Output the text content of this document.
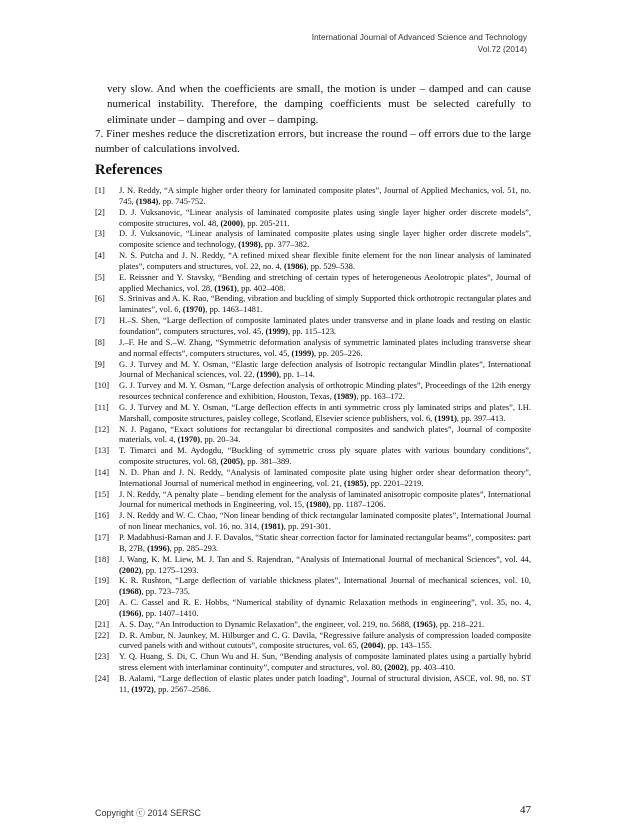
International Journal of Advanced Science and Technology
Vol.72 (2014)

very slow. And when the coefficients are small, the motion is under – damped and can cause numerical instability. Therefore, the damping coefficients must be selected carefully to eliminate under – damping and over – damping.

7. Finer meshes reduce the discretization errors, but increase the round – off errors due to the large number of calculations involved.

References
[1]	J. N. Reddy, “A simple higher order theory for laminated composite plates”, Journal of Applied Mechanics, vol. 51, no. 745, (1984), pp. 745-752.
[2]	D. J. Vuksanovic, “Linear analysis of laminated composite plates using single layer higher order discrete models”, composite structures, vol. 48, (2000), pp. 205-211.
[3]	D. J. Vuksanovic, “Linear analysis of laminated composite plates using single layer higher order discrete models”, composite science and technology, (1998), pp. 377–382.
[4]	N. S. Putcha and J. N. Reddy, “A refined mixed shear flexible finite element for the non linear analysis of laminated plates”, computers and structures, vol. 22, no. 4, (1986), pp. 529–538.
[5]	E. Reissner and Y. Stavsky, “Bending and stretching of certain types of heterogeneous Aeolotropic plates”, Journal of applied Mechanics, vol. 28, (1961), pp. 402–408.
[6]	S. Srinivas and A. K. Rao, “Bending, vibration and buckling of simply Supported thick orthotropic rectangular plates and laminates”, vol. 6, (1970), pp. 1463–1481.
[7]	H.–S. Shen, “Large deflection of composite laminated plates under transverse and in plane loads and resting on elastic foundation”, computers structures, vol. 45, (1999), pp. 115–123.
[8]	J.–F. He and S.–W. Zhang, “Symmetric deformation analysis of symmetric laminated plates including transverse shear and normal effects”, computers structures, vol. 45, (1999), pp. 205–226.
[9]	G. J. Turvey and M. Y. Osman, “Elastic large defection analysis of Isotropic rectangular Mindlin plates”, International Journal of Mechanical sciences, vol. 22, (1990), pp. 1–14.
[10]	G. J. Turvey and M. Y. Osman, “Large defection analysis of orthotropic Minding plates”, Proceedings of the 12th energy resources technical conference and exhibition, Houston, Texas, (1989), pp. 163–172.
[11]	G. J. Turvey and M. Y. Osman, “Large deflection effects in anti symmetric cross ply laminated strips and plates”, I.H. Marshall, composite structures, paisley college, Scotland, Elsevier science publishers, vol. 6, (1991), pp. 397–413.
[12]	N. J. Pagano, “Exact solutions for rectangular bi directional composites and sandwich plates”, Journal of composite materials, vol. 4, (1970), pp. 20–34.
[13]	T. Timarci and M. Aydogdu, “Buckling of symmetric cross ply square plates with various boundary conditions”, composite structures, vol. 68, (2005), pp. 381–389.
[14]	N. D. Phan and J. N. Reddy, “Analysis of laminated composite plate using higher order shear deformation theory”, International Journal of numerical method in engineering, vol. 21, (1985), pp. 2201–2219.
[15]	J. N. Reddy, “A penalty plate – bending element for the analysis of laminated anisotropic composite plates”, International Journal for numerical methods in Engineering, vol. 15, (1980), pp. 1187–1206.
[16]	J. N. Reddy and W. C. Chao, “Non linear bending of thick rectangular laminated composite plates”, International Journal of non linear mechanics, vol. 16, no. 314, (1981), pp. 291-301.
[17]	P. Madabhusi-Raman and J. F. Davalos, “Static shear correction factor for laminated rectangular beams”, composites: part B, 27B, (1996), pp. 285–293.
[18]	J. Wang, K. M. Liew, M. J. Tan and S. Rajendran, “Analysis of International Journal of mechanical Sciences”, vol. 44, (2002), pp. 1275–1293.
[19]	K. R. Rushton, “Large deflection of variable thickness plates”, International Journal of mechanical sciences, vol. 10, (1968), pp. 723–735.
[20]	A. C. Cassel and R. E. Hobbs, “Numerical stability of dynamic Relaxation methods in engineering”, vol. 35, no. 4, (1966), pp. 1407–1410.
[21]	A. S. Day, “An Introduction to Dynamic Relaxation”, the engineer, vol. 219, no. 5688, (1965), pp. 218–221.
[22]	D. R. Ambur, N. Jaunkey, M. Hilburger and C. G. Davila, “Regressive failure analysis of compression loaded composite curved panels with and without cutouts”, composite structures, vol. 65, (2004), pp. 143–155.
[23]	Y. Q. Huang, S. Di, C. Chun Wu and H. Sun, “Bending analysis of composite laminated plates using a partially hybrid stress element with interlaminar continuity”, computer and structures, vol. 80, (2002), pp. 403–410.
[24]	B. Aalami, “Large deflection of elastic plates under patch loading”, Journal of structural division, ASCE, vol. 98, no. ST 11, (1972), pp. 2567–2586.
Copyright ⓒ 2014 SERSC	47
